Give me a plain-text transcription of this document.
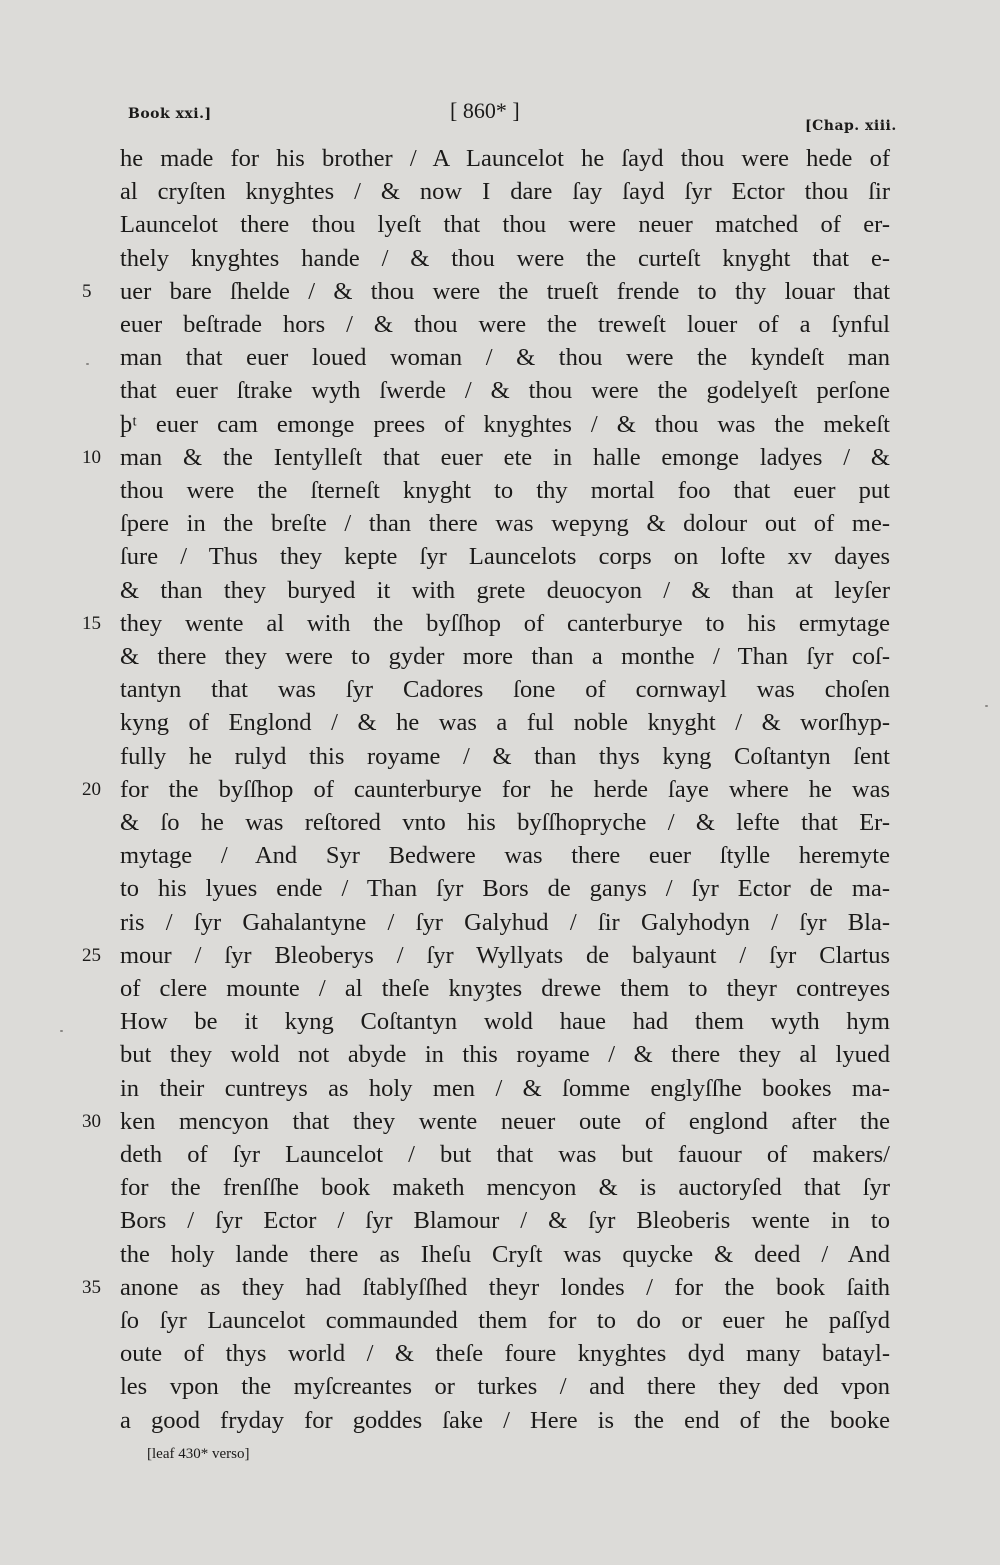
Book xxi.]	[ 860* ]
[Chap. xiii.
he made for his brother / A Launcelot he ſayd thou were hede of
al cryſten knyghtes / & now I dare ſay ſayd ſyr Ector thou ſir
Launcelot there thou lyeſt that thou were neuer matched of er-
thely knyghtes hande / & thou were the curteſt knyght that e-
5	uer bare ſhelde / & thou were the trueſt frende to thy louar that
euer beſtrade hors / & thou were the treweſt louer of a ſynful
man that euer loued woman / & thou were the kyndeſt man
that euer ſtrake wyth ſwerde / & thou were the godelyeſt perſone
þᵗ euer cam emonge prees of knyghtes / & thou was the mekeſt
10 man & the Ientylleſt that euer ete in halle emonge ladyes / &
thou were the ſterneſt knyght to thy mortal foo that euer put
ſpere in the breſte / than there was wepyng & dolour out of me-
ſure / Thus they kepte ſyr Launcelots corps on lofte xv dayes
& than they buryed it with grete deuocyon / & than at leyſer
15 they wente al with the byſſhop of canterburye to his ermytage
& there they were to gyder more than a monthe / Than ſyr coſ-
tantyn that was ſyr Cadores ſone of cornwayl was choſen
kyng of Englond / & he was a ful noble knyght / & worſhyp-
fully he rulyd this royame / & than thys kyng Coſtantyn ſent
20 for the byſſhop of caunterburye for he herde ſaye where he was
& ſo he was reſtored vnto his byſſhopryche / & lefte that Er-
mytage / And Syr Bedwere was there euer ſtylle heremyte
to his lyues ende / Than ſyr Bors de ganys / ſyr Ector de ma-
ris / ſyr Gahalantyne / ſyr Galyhud / ſir Galyhodyn / ſyr Bla-
25 mour / ſyr Bleoberys / ſyr Wyllyats de balyaunt / ſyr Clartus
of clere mounte / al theſe knyȝtes drewe them to theyr contreyes
How be it kyng Coſtantyn wold haue had them wyth hym
but they wold not abyde in this royame / & there they al lyued
in their cuntreys as holy men / & ſomme englyſſhe bookes ma-
30 ken mencyon that they wente neuer oute of englond after the
deth of ſyr Launcelot / but that was but fauour of makers/
for the frenſſhe book maketh mencyon & is auctoryſed that ſyr
Bors / ſyr Ector / ſyr Blamour / & ſyr Bleoberis wente in to
the holy lande there as Iheſu Cryſt was quycke & deed / And
35 anone as they had ſtablyſſhed theyr londes / for the book ſaith
ſo ſyr Launcelot commaunded them for to do or euer he paſſyd
oute of thys world / & theſe foure knyghtes dyd many batayl-
les vpon the myſcreantes or turkes / and there they ded vpon
a good fryday for goddes ſake / Here is the end of the booke
[leaf 430* verso]
